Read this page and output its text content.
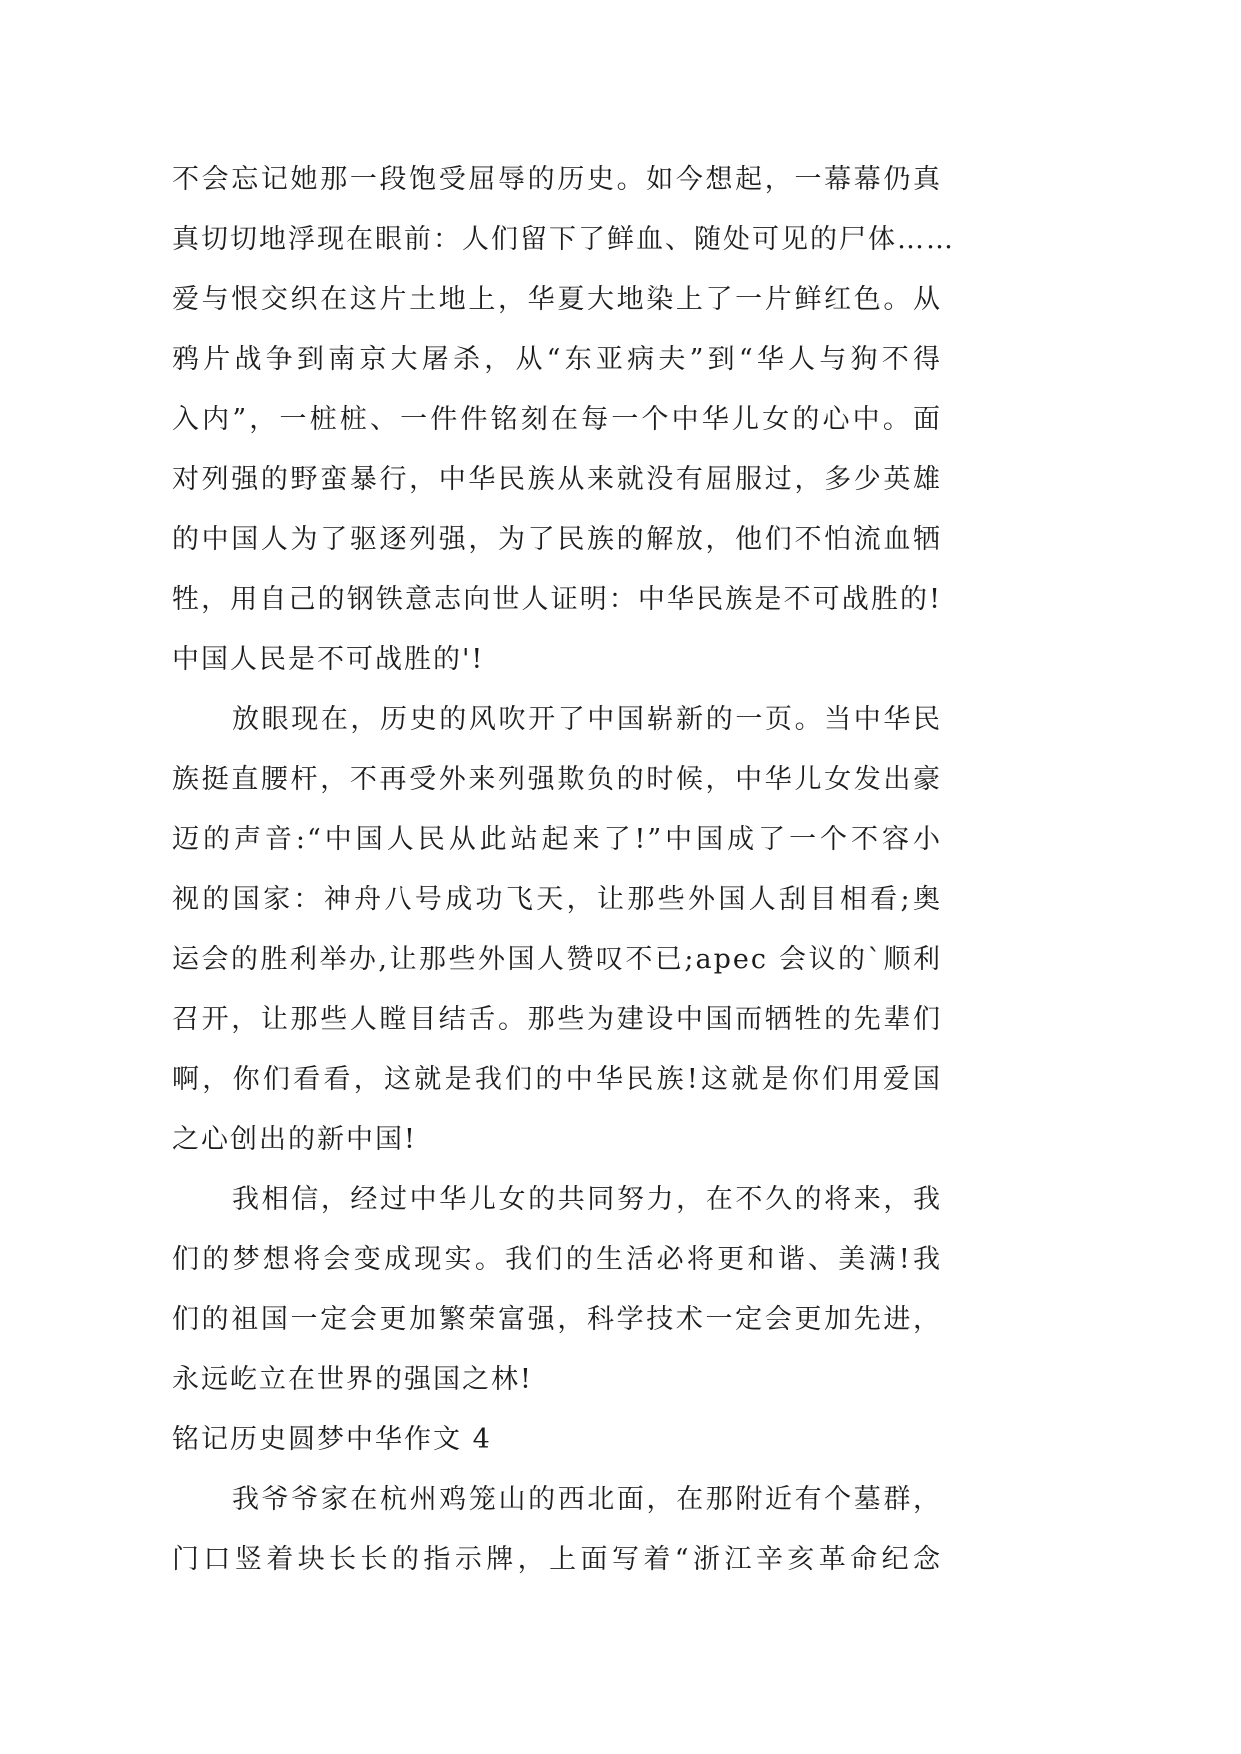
不会忘记她那一段饱受屈辱的历史。如今想起，一幕幕仍真
真切切地浮现在眼前：人们留下了鲜血、随处可见的尸体……
爱与恨交织在这片土地上，华夏大地染上了一片鲜红色。从
鸦片战争到南京大屠杀，从“东亚病夫”到“华人与狗不得
入内”，一桩桩、一件件铭刻在每一个中华儿女的心中。面
对列强的野蛮暴行，中华民族从来就没有屈服过，多少英雄
的中国人为了驱逐列强，为了民族的解放，他们不怕流血牺
牲，用自己的钢铁意志向世人证明：中华民族是不可战胜的!
中国人民是不可战胜的'!
放眼现在，历史的风吹开了中国崭新的一页。当中华民
族挺直腰杆，不再受外来列强欺负的时候，中华儿女发出豪
迈的声音:“中国人民从此站起来了!”中国成了一个不容小
视的国家：神舟八号成功飞天，让那些外国人刮目相看;奥
运会的胜利举办,让那些外国人赞叹不已;apec 会议的`顺利
召开，让那些人瞠目结舌。那些为建设中国而牺牲的先辈们
啊，你们看看，这就是我们的中华民族!这就是你们用爱国
之心创出的新中国!
我相信，经过中华儿女的共同努力，在不久的将来，我
们的梦想将会变成现实。我们的生活必将更和谐、美满!我
们的祖国一定会更加繁荣富强，科学技术一定会更加先进，
永远屹立在世界的强国之林!
铭记历史圆梦中华作文 4
我爷爷家在杭州鸡笼山的西北面，在那附近有个墓群，
门口竖着块长长的指示牌，上面写着“浙江辛亥革命纪念
